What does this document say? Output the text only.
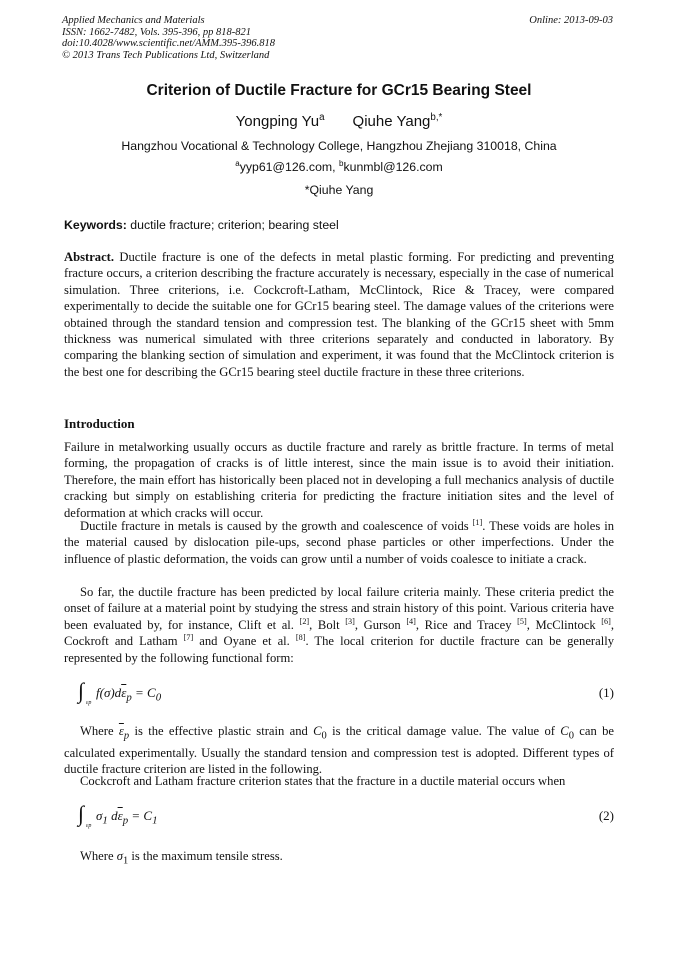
Applied Mechanics and Materials
ISSN: 1662-7482, Vols. 395-396, pp 818-821
doi:10.4028/www.scientific.net/AMM.395-396.818
© 2013 Trans Tech Publications Ltd, Switzerland
Online: 2013-09-03
Criterion of Ductile Fracture for GCr15 Bearing Steel
Yongping Yu$^a$ Qiuhe Yang$^{b,*}$
Hangzhou Vocational & Technology College, Hangzhou Zhejiang 310018, China
$^a$yyp61@126.com, $^b$kunmbl@126.com
*Qiuhe Yang
Keywords: ductile fracture; criterion; bearing steel
Abstract. Ductile fracture is one of the defects in metal plastic forming. For predicting and preventing fracture occurs, a criterion describing the fracture accurately is necessary, especially in the case of numerical simulation. Three criterions, i.e. Cockcroft-Latham, McClintock, Rice & Tracey, were compared experimentally to decide the suitable one for GCr15 bearing steel. The damage values of the criterions were obtained through the standard tension and compression test. The blanking of the GCr15 sheet with 5mm thickness was numerical simulated with three criterions separately and conducted in laboratory. By comparing the blanking section of simulation and experiment, it was found that the McClintock criterion is the best one for describing the GCr15 bearing steel ductile fracture in these three criterions.
Introduction
Failure in metalworking usually occurs as ductile fracture and rarely as brittle fracture. In terms of metal forming, the propagation of cracks is of little interest, since the main issue is to avoid their initiation. Therefore, the main effort has historically been placed not in developing a full mechanics analysis of ductile cracking but simply on establishing criteria for predicting the fracture initiation sites and the level of deformation at which cracks will occur.
Ductile fracture in metals is caused by the growth and coalescence of voids [1]. These voids are holes in the material caused by dislocation pile-ups, second phase particles or other imperfections. Under the influence of plastic deformation, the voids can grow until a number of voids coalesce to initiate a crack.
So far, the ductile fracture has been predicted by local failure criteria mainly. These criteria predict the onset of failure at a material point by studying the stress and strain history of this point. Various criteria have been evaluated by, for instance, Clift et al. [2], Bolt [3], Gurson [4], Rice and Tracey [5], McClintock [6], Cockroft and Latham [7] and Oyane et al. [8]. The local criterion for ductile fracture can be generally represented by the following functional form:
∫ εp
$f(\sigma)d\overline{\varepsilon}_p = C_0$	(1)
Where $\overline{\varepsilon}_p$ is the effective plastic strain and $C_0$ is the critical damage value. The value of $C_0$ can be calculated experimentally. Usually the standard tension and compression test is adopted. Different types of ductile fracture criterion are listed in the following.
Cockcroft and Latham fracture criterion states that the fracture in a ductile material occurs when
∫ εp
$\sigma_1$ $d\overline{\varepsilon}_p = C_1$	(2)
Where $\sigma_1$ is the maximum tensile stress.
